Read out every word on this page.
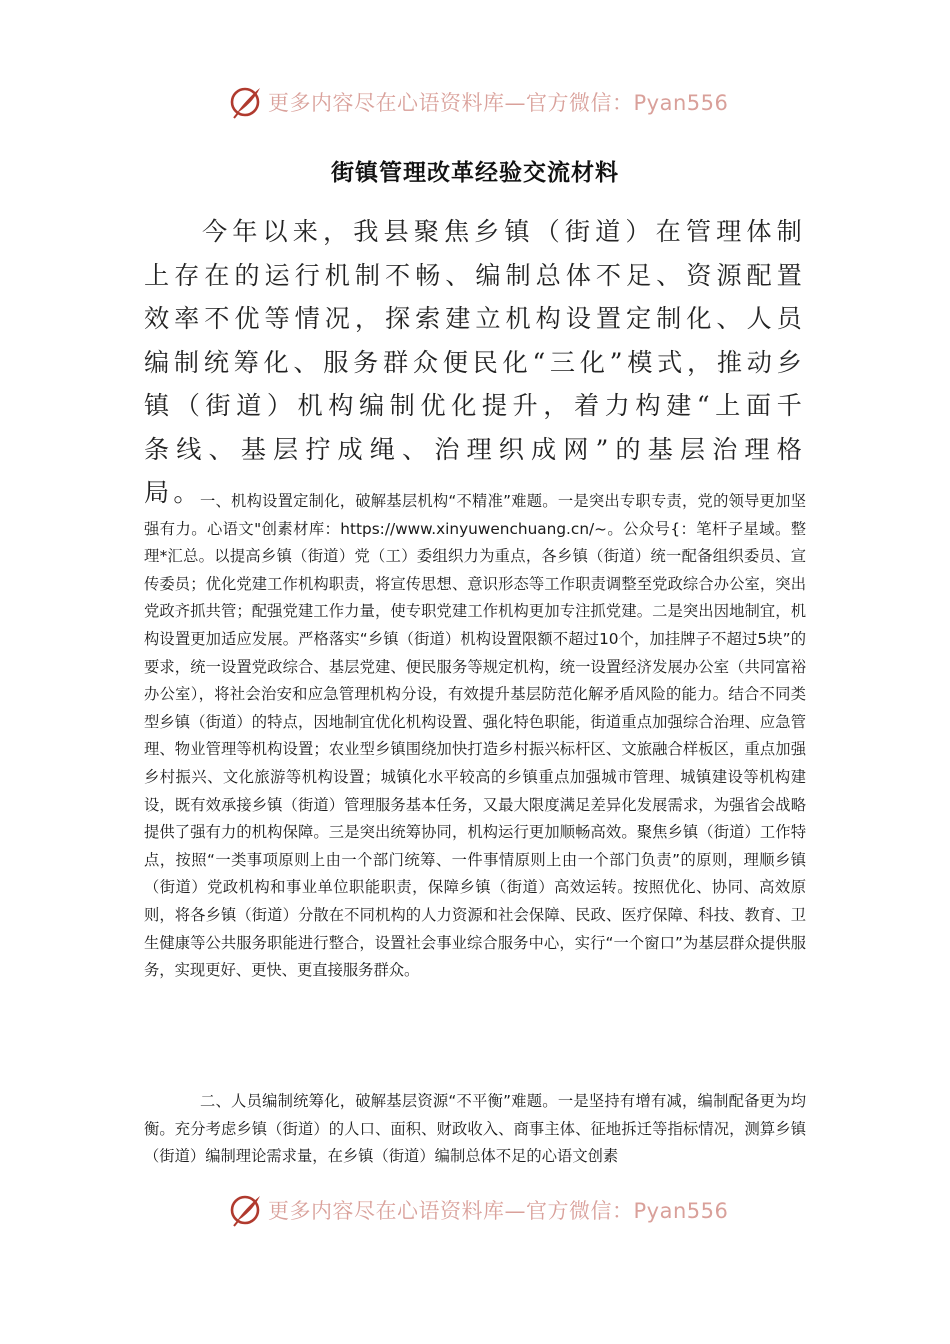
更多内容尽在心语资料库—官方微信：Pyan556
街镇管理改革经验交流材料

今年以来，我县聚焦乡镇（街道）在管理体制上存在的运行机制不畅、编制总体不足、资源配置效率不优等情况，探索建立机构设置定制化、人员编制统筹化、服务群众便民化“三化”模式，推动乡镇（街道）机构编制优化提升，着力构建“上面千条线、基层拧成绳、治理织成网”的基层治理格局。

一、机构设置定制化，破解基层机构“不精准”难题。一是突出专职专责，党的领导更加坚强有力。心语文"创素材库：https://www.xinyuwenchuang.cn/~。公众号{：笔杆子星域。整理*汇总。以提高乡镇（街道）党（工）委组织力为重点，各乡镇（街道）统一配备组织委员、宣传委员；优化党建工作机构职责，将宣传思想、意识形态等工作职责调整至党政综合办公室，突出党政齐抓共管；配强党建工作力量，使专职党建工作机构更加专注抓党建。二是突出因地制宜，机构设置更加适应发展。严格落实“乡镇（街道）机构设置限额不超过10个，加挂牌子不超过5块”的要求，统一设置党政综合、基层党建、便民服务等规定机构，统一设置经济发展办公室（共同富裕办公室），将社会治安和应急管理机构分设，有效提升基层防范化解矛盾风险的能力。结合不同类型乡镇（街道）的特点，因地制宜优化机构设置、强化特色职能，街道重点加强综合治理、应急管理、物业管理等机构设置；农业型乡镇围绕加快打造乡村振兴标杆区、文旅融合样板区，重点加强乡村振兴、文化旅游等机构设置；城镇化水平较高的乡镇重点加强城市管理、城镇建设等机构建设，既有效承接乡镇（街道）管理服务基本任务，又最大限度满足差异化发展需求，为强省会战略提供了强有力的机构保障。三是突出统筹协同，机构运行更加顺畅高效。聚焦乡镇（街道）工作特点，按照“一类事项原则上由一个部门统筹、一件事情原则上由一个部门负责”的原则，理顺乡镇（街道）党政机构和事业单位职能职责，保障乡镇（街道）高效运转。按照优化、协同、高效原则，将各乡镇（街道）分散在不同机构的人力资源和社会保障、民政、医疗保障、科技、教育、卫生健康等公共服务职能进行整合，设置社会事业综合服务中心，实行“一个窗口”为基层群众提供服务，实现更好、更快、更直接服务群众。

二、人员编制统筹化，破解基层资源“不平衡”难题。一是坚持有增有减，编制配备更为均衡。充分考虑乡镇（街道）的人口、面积、财政收入、商事主体、征地拆迁等指标情况，测算乡镇（街道）编制理论需求量，在乡镇（街道）编制总体不足的心语文创素

更多内容尽在心语资料库—官方微信：Pyan556
